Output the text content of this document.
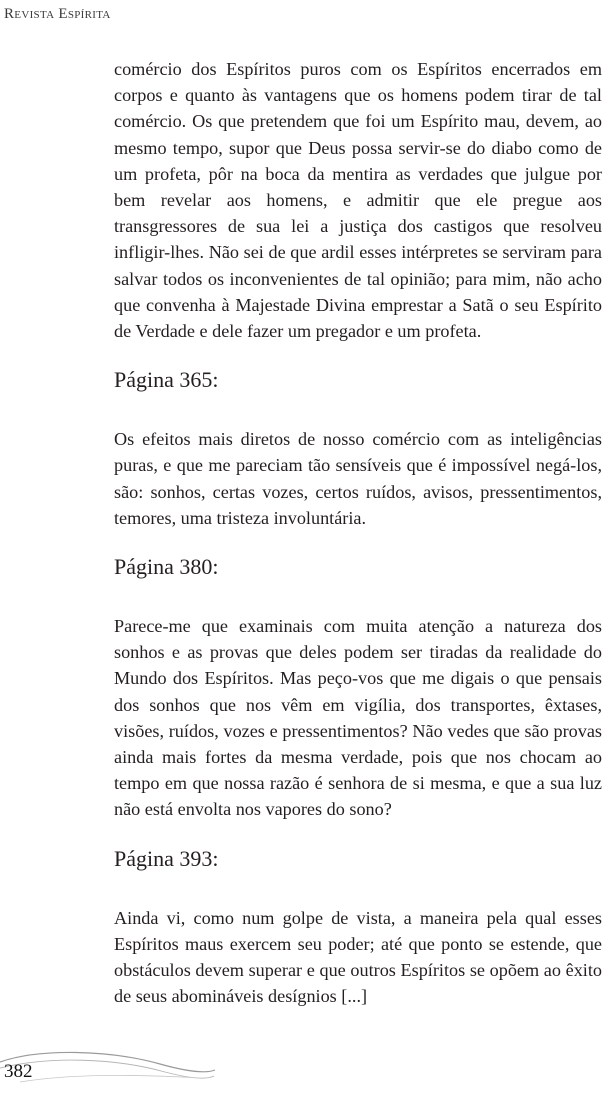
Revista Espírita

comércio dos Espíritos puros com os Espíritos encerrados em corpos e quanto às vantagens que os homens podem tirar de tal comércio. Os que pretendem que foi um Espírito mau, devem, ao mesmo tempo, supor que Deus possa servir-se do diabo como de um profeta, pôr na boca da mentira as verdades que julgue por bem revelar aos homens, e admitir que ele pregue aos transgressores de sua lei a justiça dos castigos que resolveu infligir-lhes. Não sei de que ardil esses intérpretes se serviram para salvar todos os inconvenientes de tal opinião; para mim, não acho que convenha à Majestade Divina emprestar a Satã o seu Espírito de Verdade e dele fazer um pregador e um profeta.

Página 365:

Os efeitos mais diretos de nosso comércio com as inteligências puras, e que me pareciam tão sensíveis que é impossível negá-los, são: sonhos, certas vozes, certos ruídos, avisos, pressentimentos, temores, uma tristeza involuntária.

Página 380:

Parece-me que examinais com muita atenção a natureza dos sonhos e as provas que deles podem ser tiradas da realidade do Mundo dos Espíritos. Mas peço-vos que me digais o que pensais dos sonhos que nos vêm em vigília, dos transportes, êxtases, visões, ruídos, vozes e pressentimentos? Não vedes que são provas ainda mais fortes da mesma verdade, pois que nos chocam ao tempo em que nossa razão é senhora de si mesma, e que a sua luz não está envolta nos vapores do sono?

Página 393:

Ainda vi, como num golpe de vista, a maneira pela qual esses Espíritos maus exercem seu poder; até que ponto se estende, que obstáculos devem superar e que outros Espíritos se opõem ao êxito de seus abomináveis desígnios [...]

382
